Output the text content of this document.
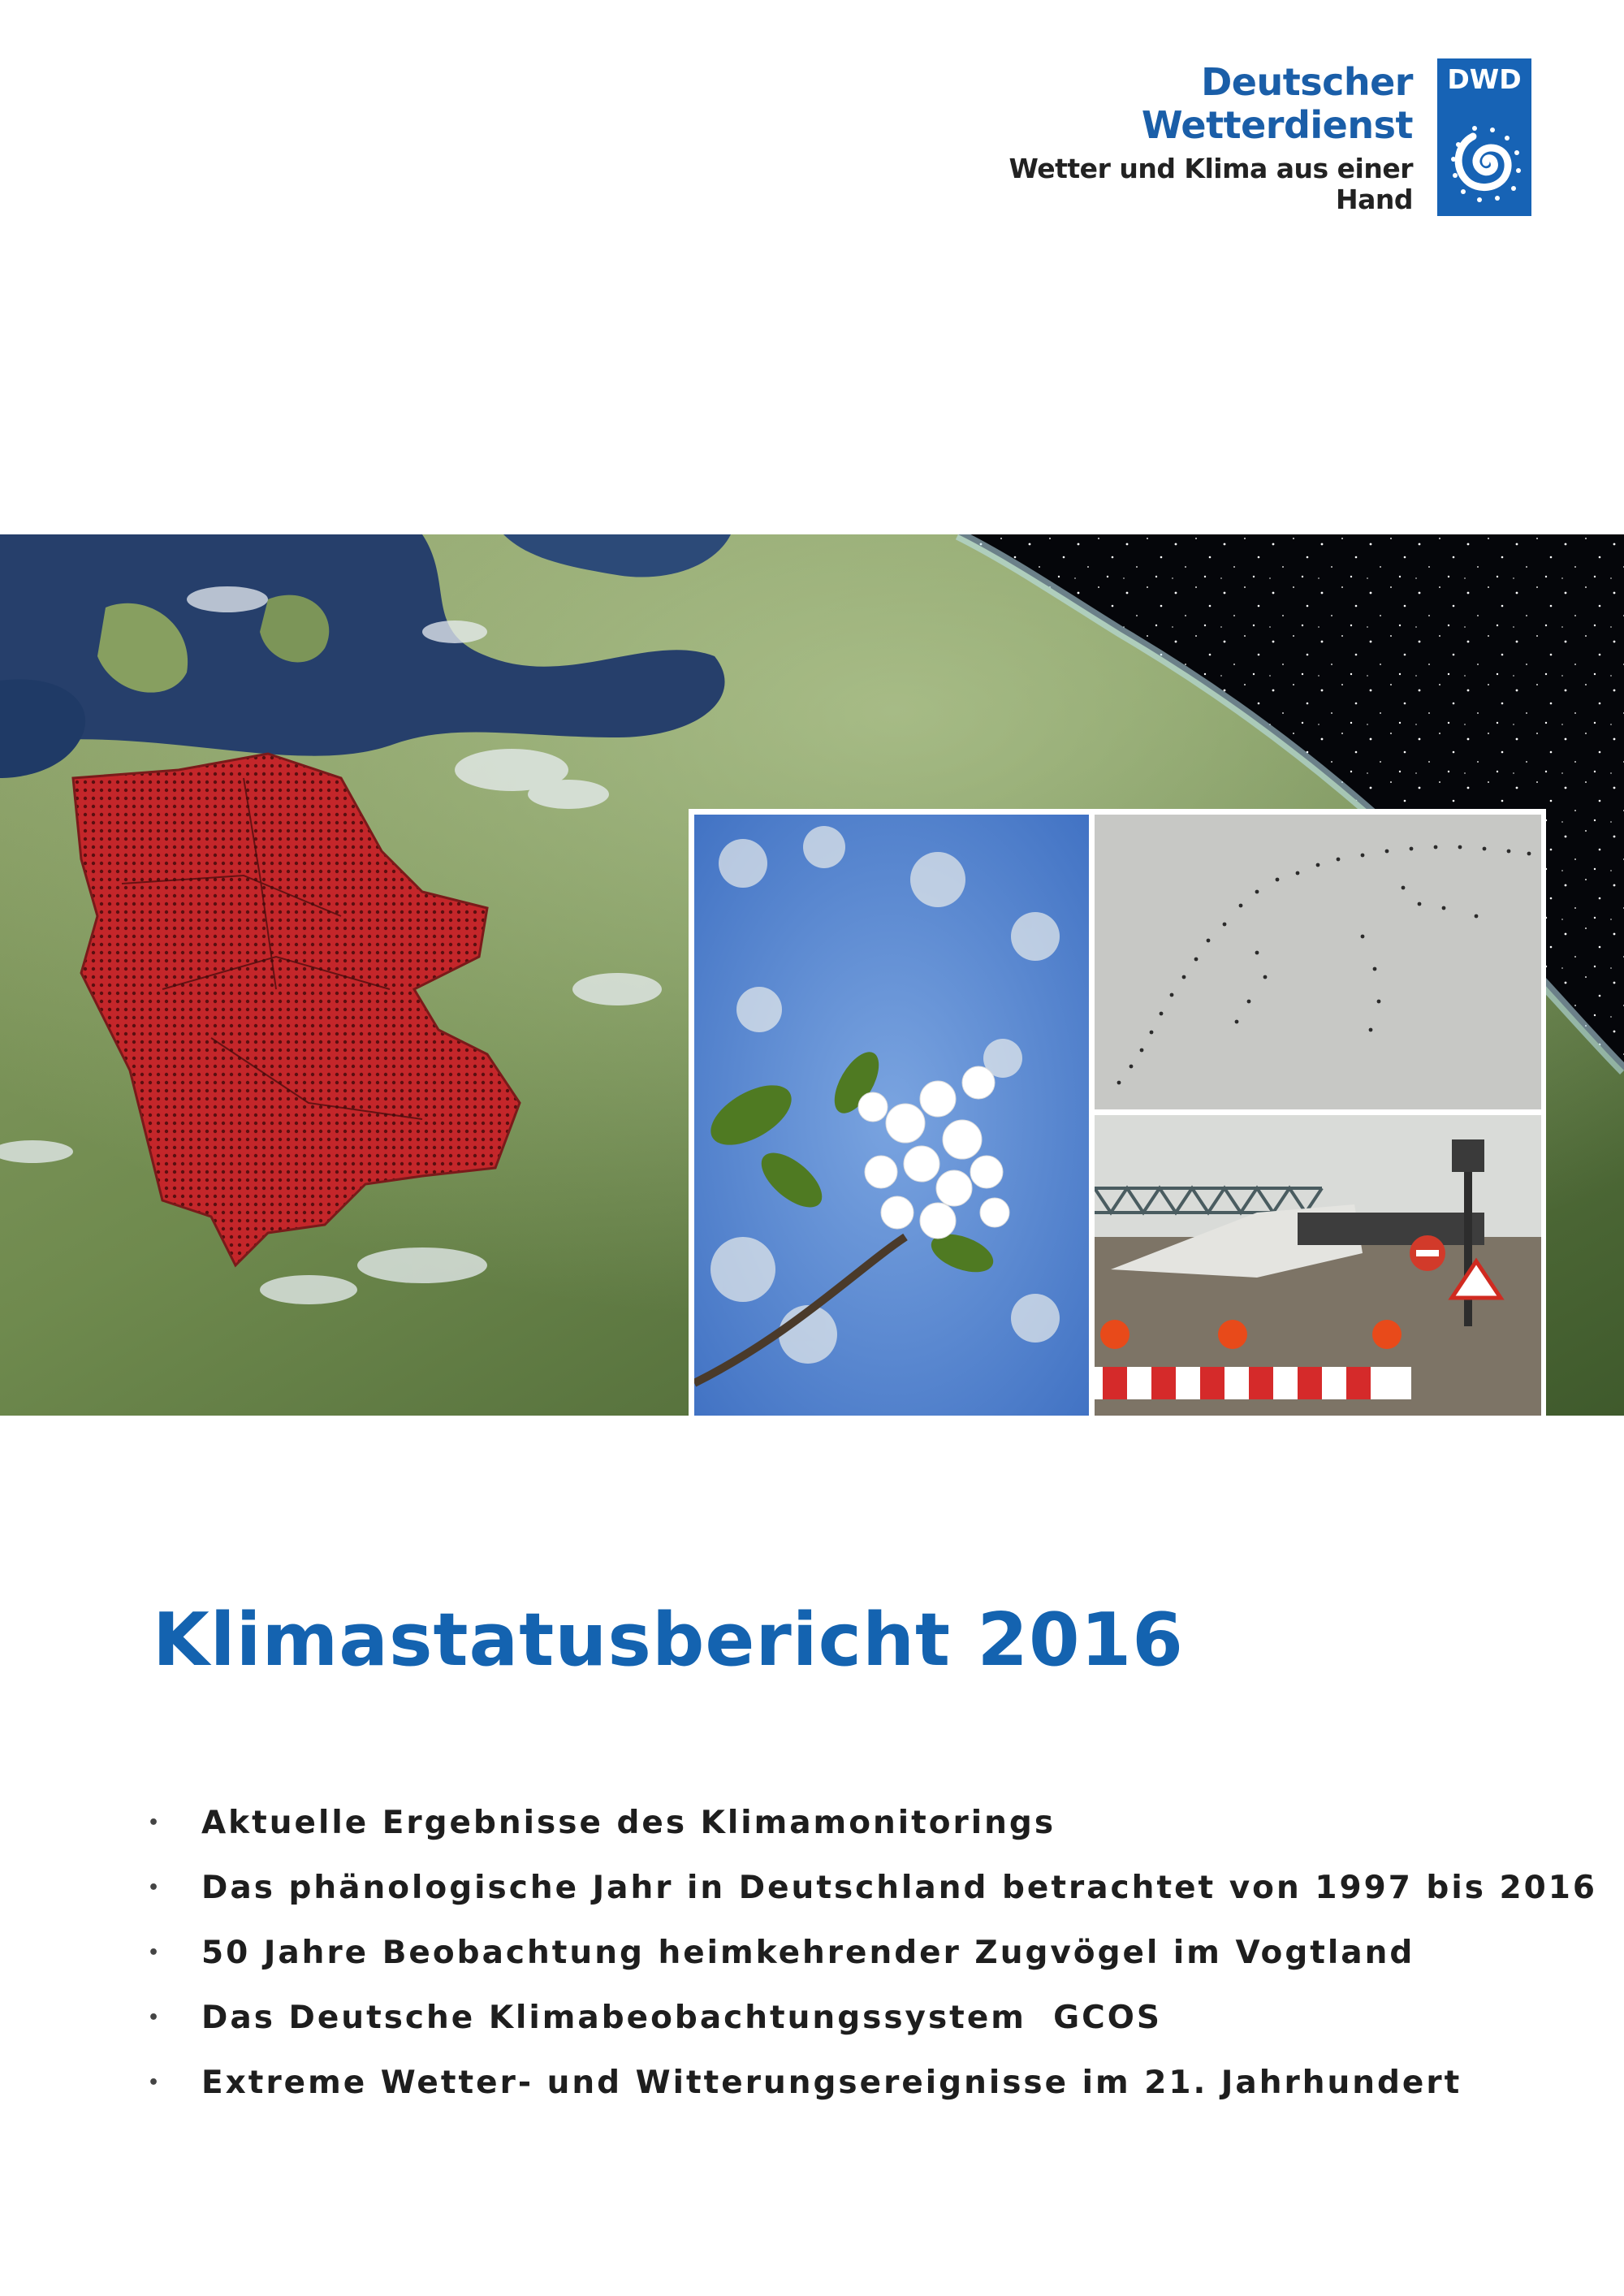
Deutscher Wetterdienst
Wetter und Klima aus einer Hand
DWD
Klimastatusbericht 2016
• Aktuelle Ergebnisse des Klimamonitorings
• Das phänologische Jahr in Deutschland betrachtet von 1997 bis 2016
• 50 Jahre Beobachtung heimkehrender Zugvögel im Vogtland
• Das Deutsche Klimabeobachtungssystem  GCOS
• Extreme Wetter- und Witterungsereignisse im 21. Jahrhundert
